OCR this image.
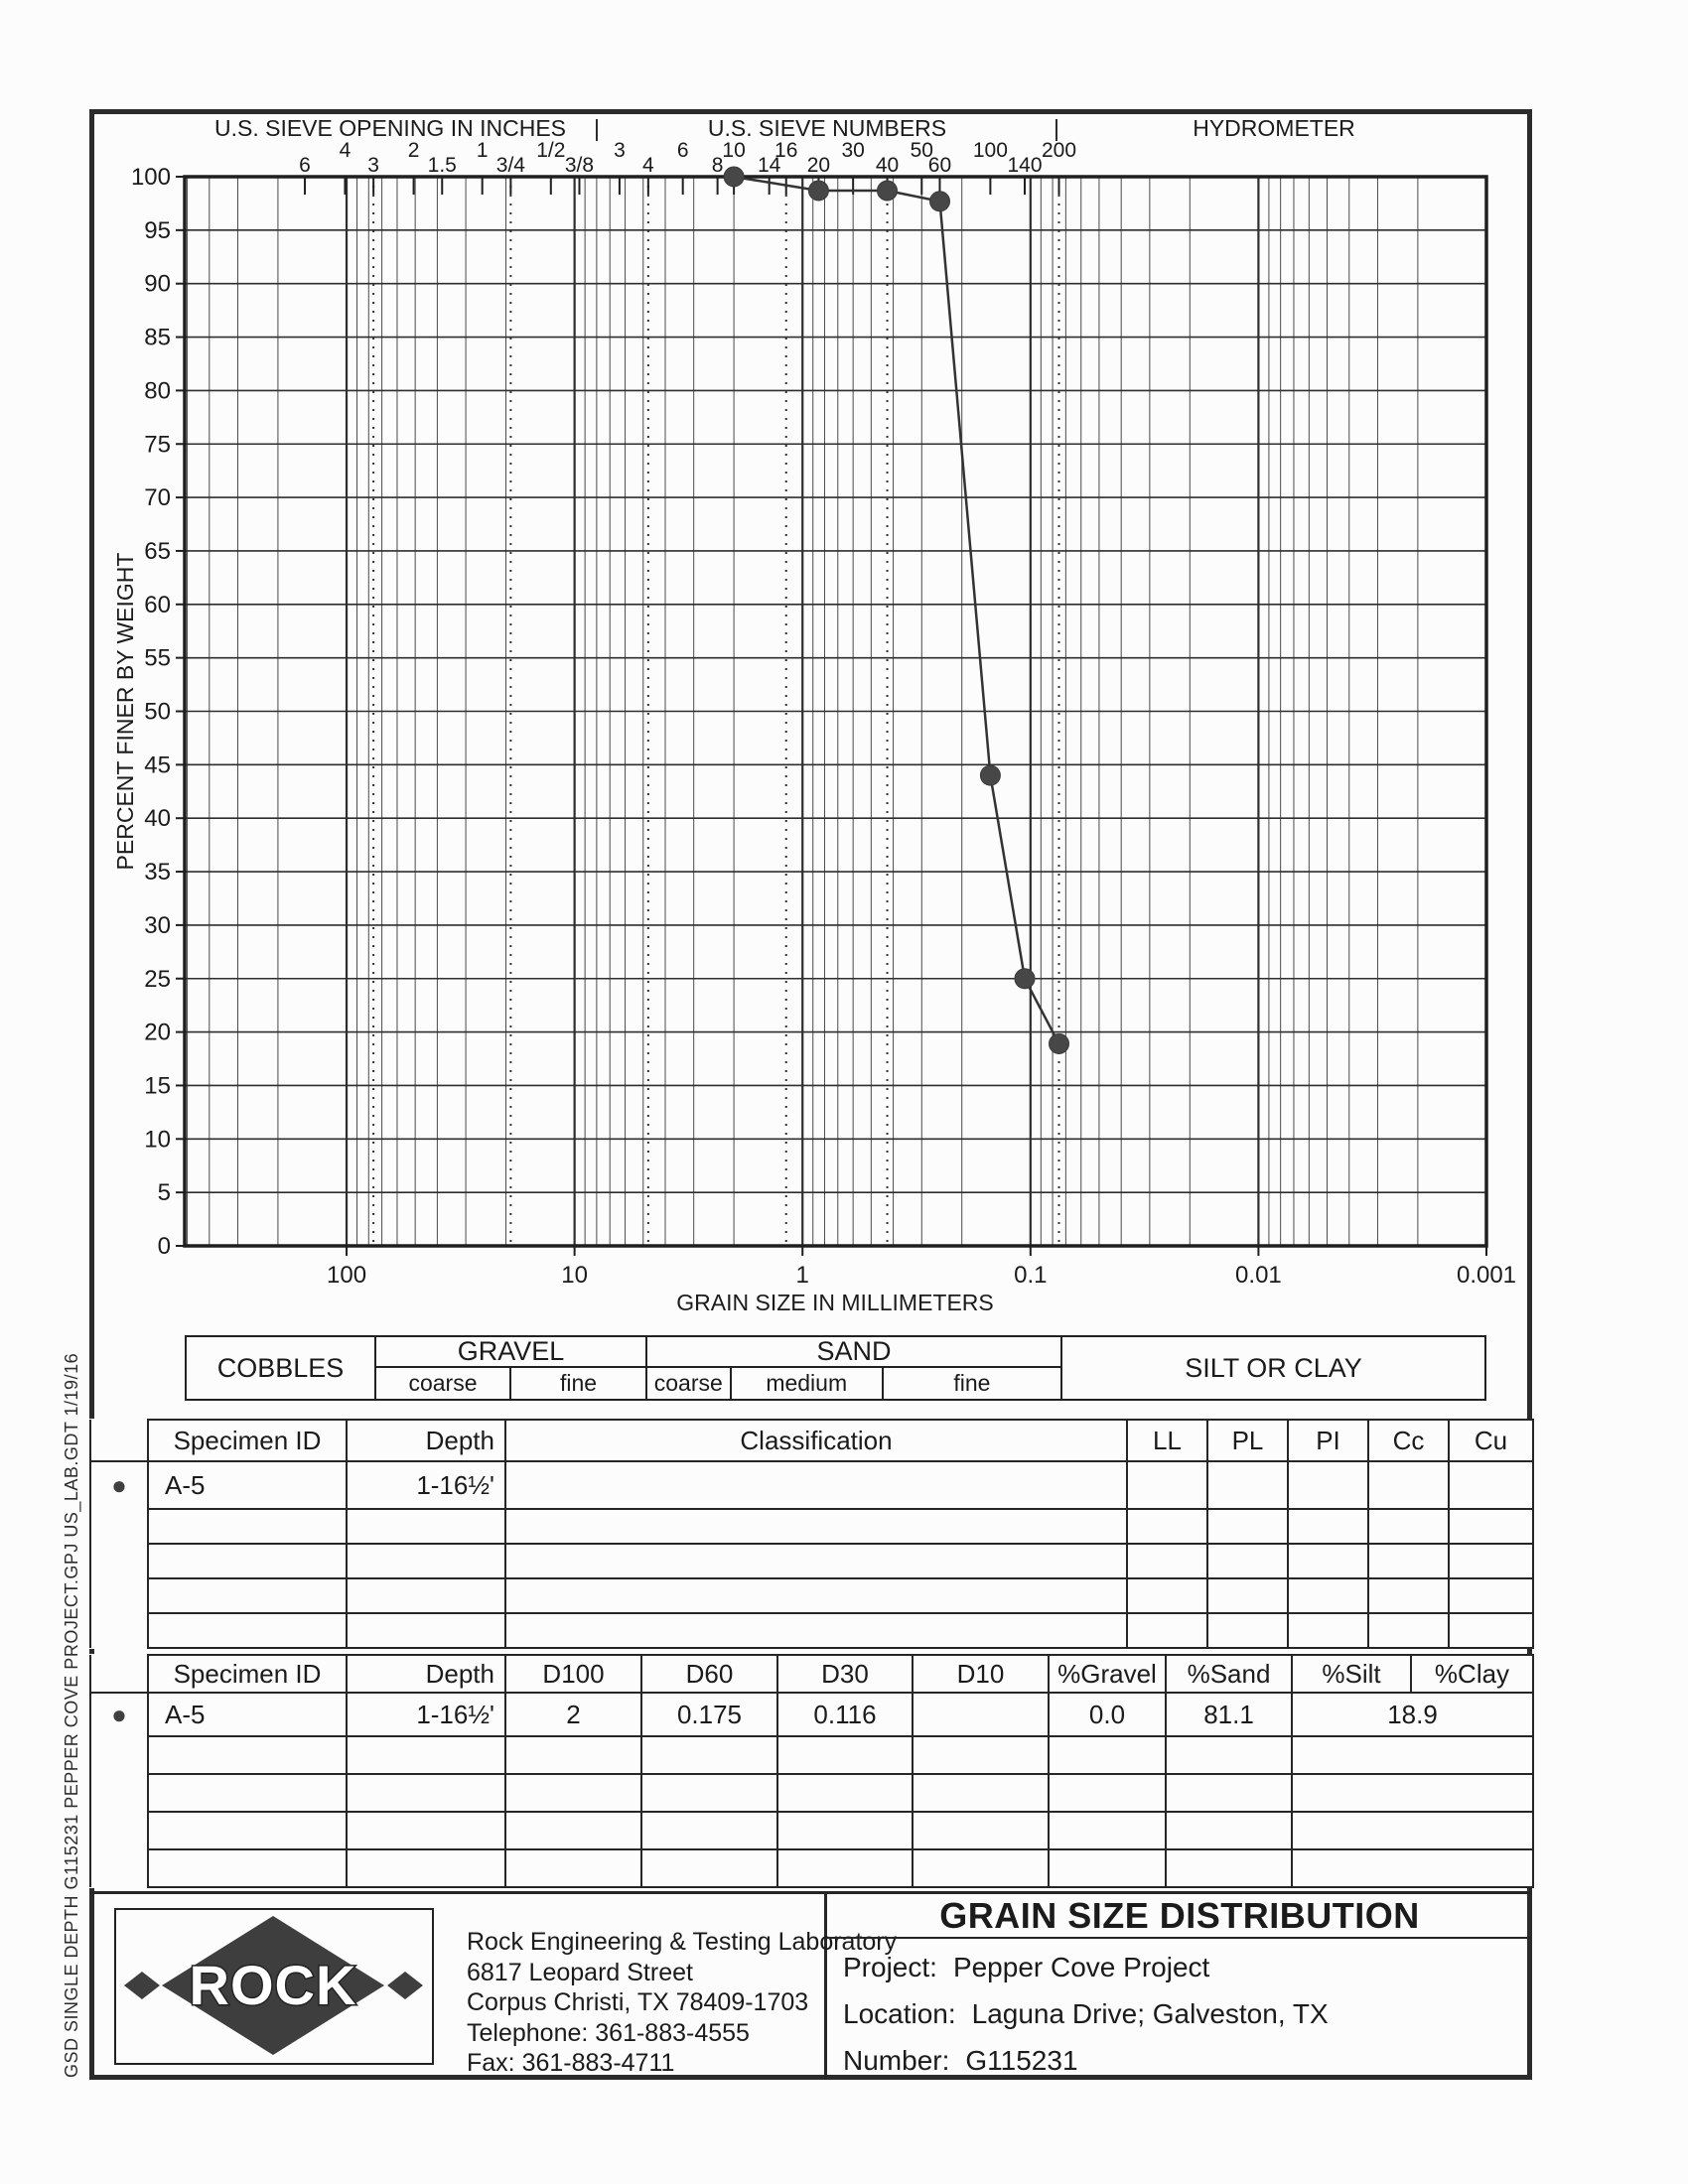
U.S. SIEVE OPENING IN INCHES |	U.S. SIEVE NUMBERS	|	HYDROMETER
0
5
10
15
20
25
30
35
40
45
50
55
60
65
70
75
80
85
90
95
100
100	10	1	0.1	0.01	0.001
6
4
3
2
1.5
1
3/4
1/2
3/8
3
4
6
8
10
14
16
20
30
40
50
60
100
140
200
GRAIN SIZE IN MILLIMETERS
PERCENT FINER BY WEIGHT
COBBLES
GRAVEL
coarse	fine
SAND
coarse	medium	fine
SILT OR CLAY
	Specimen ID	Depth	Classification	LL	PL	PI	Cc	Cu
●	A-5	1-16½'						

	Specimen ID	Depth	D100	D60	D30	D10	%Gravel	%Sand	%Silt	%Clay
●	A-5	1-16½'	2	0.175	0.116		0.0	81.1	18.9	

ROCK
Rock Engineering & Testing Laboratory
6817 Leopard Street
Corpus Christi, TX 78409-1703
Telephone: 361-883-4555
Fax: 361-883-4711
GRAIN SIZE DISTRIBUTION
Project: Pepper Cove Project
Location: Laguna Drive; Galveston, TX
Number: G115231
GSD SINGLE DEPTH G115231 PEPPER COVE PROJECT.GPJ US_LAB.GDT 1/19/16
